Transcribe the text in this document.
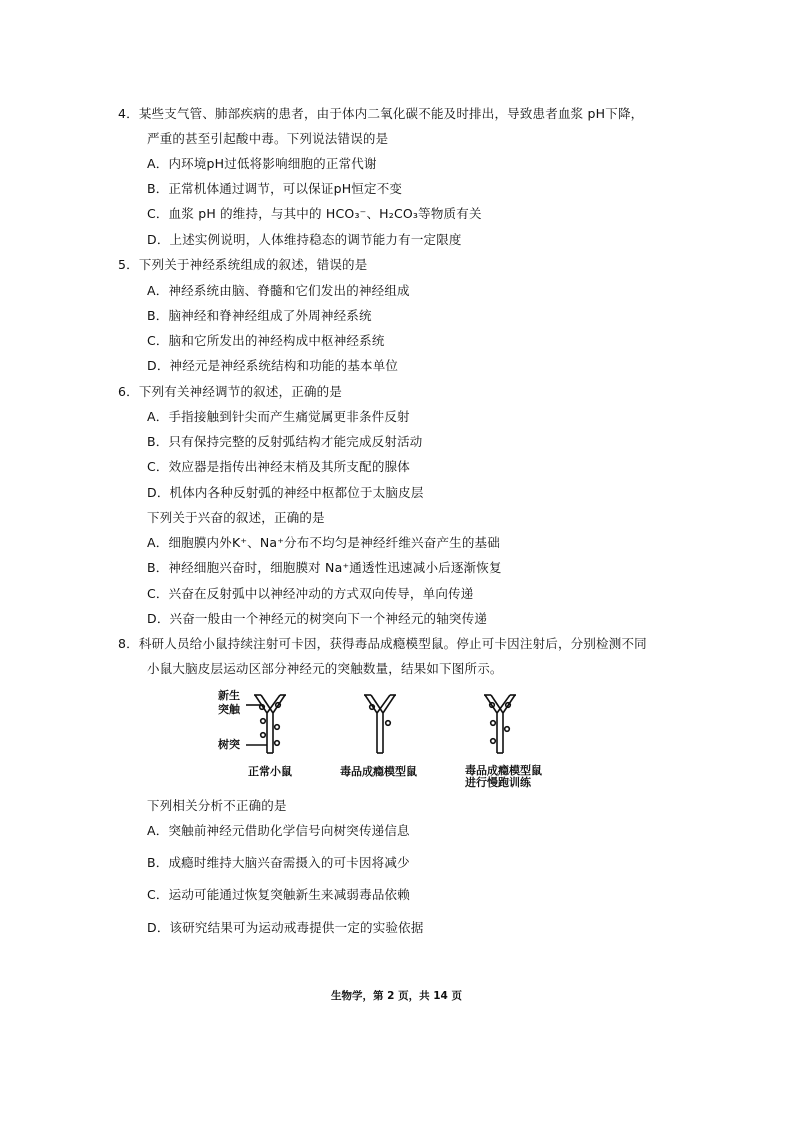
4．某些支气管、肺部疾病的患者，由于体内二氧化碳不能及时排出，导致患者血浆 pH下降，
严重的甚至引起酸中毒。下列说法错误的是
A．内环境pH过低将影响细胞的正常代谢
B．正常机体通过调节，可以保证pH恒定不变
C．血浆 pH 的维持，与其中的 HCO₃⁻、H₂CO₃等物质有关
D．上述实例说明，人体维持稳态的调节能力有一定限度
5．下列关于神经系统组成的叙述，错误的是
A．神经系统由脑、脊髓和它们发出的神经组成
B．脑神经和脊神经组成了外周神经系统
C．脑和它所发出的神经构成中枢神经系统
D．神经元是神经系统结构和功能的基本单位
6．下列有关神经调节的叙述，正确的是
A．手指接触到针尖而产生痛觉属更非条件反射
B．只有保持完整的反射弧结构才能完成反射活动
C．效应器是指传出神经末梢及其所支配的腺体
D．机体内各种反射弧的神经中枢都位于太脑皮层
下列关于兴奋的叙述，正确的是
A．细胞膜内外K⁺、Na⁺分布不均匀是神经纤维兴奋产生的基础
B．神经细胞兴奋时，细胞膜对 Na⁺通透性迅速减小后逐渐恢复
C．兴奋在反射弧中以神经冲动的方式双向传导，单向传递
D．兴奋一般由一个神经元的树突向下一个神经元的轴突传递
8．科研人员给小鼠持续注射可卡因，获得毒品成瘾模型鼠。停止可卡因注射后，分别检测不同
小鼠大脑皮层运动区部分神经元的突触数量，结果如下图所示。
新生
突触
树突
正常小鼠	毒品成瘾模型鼠	毒品成瘾模型鼠
进行慢跑训练
下列相关分析不正确的是
A．突触前神经元借助化学信号向树突传递信息
B．成瘾时维持大脑兴奋需摄入的可卡因将减少
C．运动可能通过恢复突触新生来减弱毒品依赖
D．该研究结果可为运动戒毒提供一定的实验依据
生物学，第 2 页，共 14 页
